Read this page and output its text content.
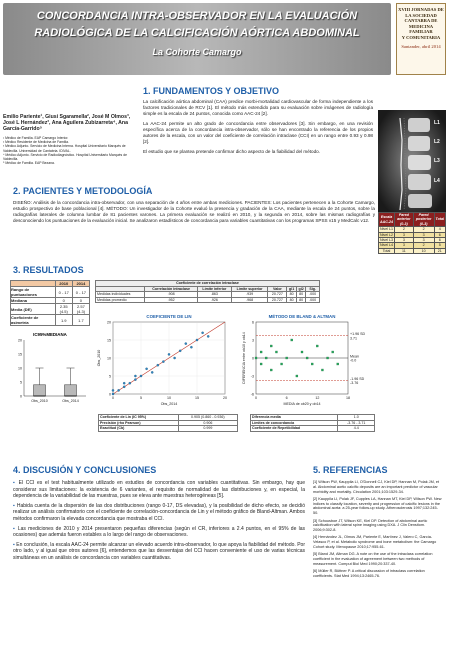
CONCORDANCIA INTRA-OBSERVADOR EN LA EVALUACIÓN
RADIOLÓGICA DE LA CALCIFICACIÓN AÓRTICA ABDOMINAL
La Cohorte Camargo
XVIII JORNADAS DE
LA SOCIEDAD
CANTABRA DE
MEDICINA FAMILIAR
Y COMUNITARIA
Santander, abril 2014
Emilio Pariente¹, Giusi Sgaramella², José M Olmos³, José L Hernández³, Ana Aguilera Zubizarreta⁴, Ana García-Garrido⁵
¹ Médico de Familia. EAP Camargo Interior.
² Médico Residente de Medicina de Familia.
³ Médico Adjunto. Servicio de Medicina Interna. Hospital Universitario Marqués de Valdecilla. Universidad de Cantabria. IDIVAL.
⁴ Médico Adjunto. Servicio de Radiodiagnóstico. Hospital Universitario Marqués de Valdecilla.
⁵ Médico de Familia. EAP Bezana.
1. FUNDAMENTOS Y OBJETIVO

La calcificación aórtica abdominal (CAA) predice morbi-mortalidad cardiovascular de forma independiente a los factores tradicionales de RCV [1]. El método más extendido para su evaluación sobre imágenes de radiología simple es la escala de 24 puntos, conocida como AAC-24 [2].

La AAC-24 permite un alto grado de concordancia entre observadores [3]. Sin embargo, en una revisión específica acerca de la concordancia intra-observador, sólo se han encontrado la referencia de los propios autores de la escala, con un valor del coeficiente de correlación intraclase (CCI) en un rango entre 0.93 y 0.98 [2].

El estudio que se plantea pretende confirmar dicho aspecto de la fiabilidad del método.

L1
L2
L3
L4
Escala AAC-24	Pared anterior (0-3)	Pared posterior (0-3)	Total
Nivel L1	2	2	4
Nivel L2	3	3	6
Nivel L3	3	3	6
Nivel L4	3	2	5
Total	11	10	21
2. PACIENTES Y METODOLOGÍA

DISEÑO: Análisis de la concordancia intra-observador, con una separación de 4 años entre ambas mediciones. PACIENTES: Los pacientes pertenecen a la Cohorte Camargo, estudio prospectivo de base poblacional [4]. MÉTODO: Un investigador de la Cohorte evaluó la presencia y gradación de la CAA, mediante la escala de 24 puntos, sobre la radiografías laterales de columna lumbar de 81 pacientes varones. La primera evaluación se realizó en 2010, y la segunda en 2014, sobre las mismas radiografías y desconociendo los puntuaciones de la evaluación inicial. Se analizaron estadísticos de concordancia para variables cuantitativas con los programas SPSS v15 y MedCalc v12.

3. RESULTADOS
	2010	2014
Rango de puntuaciones	0 - 17	0 - 17
Mediana	0	0
Media (DE)	2.35 (4.5)	2.57 (4.3)
Coeficiente de asimetría	1.9	1.7
IC95%MEDIANA
0
5
10
15
20
Obs_2010	Obs_2014
Coeficiente de correlación intraclase							
	Correlación intraclase	Límite inferior	Límite superior	Valor	gl1	gl2	Sig.
Medidas individuales	.908	.863	.939	20.727	80	80	.000
Medidas promedio	.952	.926	.968	20.727	80	80	.000
COEFICIENTE DE LIN
0	5	10	15	20
0
5
10
15
20
Obs_2014
Obs_2010
MÉTODO DE BLAND & ALTMAN
0	6	12	18
-6
-3
0
3
6
+1.96 SD
3.71
Mean
-0.0
-1.96 SD
-3.76
MEDIA de ob20 y ob14
DIFERENCIA entre ob10 y ob14
Coeficiente de Lin (IC 95%)	0.905 (0.860 - 0.936)
Precisión (rho Pearson)	0.906
Exactitud (Cb)	0.999
Diferencia media	1.0
Límites de concordancia	-3.76 - 3.71
Coeficiente de Repetibilidad	4.4
4. DISCUSIÓN Y CONCLUSIONES

▪ El CCI es el test habitualmente utilizado en estudios de concordancia con variables cuantitativas. Sin embargo, hay que considerar sus limitaciones: la existencia de 6 variantes, el requisito de normalidad de las distribuciones y, en especial, la dependencia de la variabilidad de las muestras, pues se eleva ante muestras heterogéneas [5].

▪ Habida cuenta de la dispersión de las dos distribuciones (rango 0-17, DS elevadas), y la posibilidad de dicho efecto, se decidió realizar un análisis confirmatorio con el coeficiente de correlación-concordancia de Lin y el método gráfico de Bland-Altman. Ambos métodos confirmaron la elevada concordancia que mostraba el CCI.

▪ Las mediciones de 2010 y 2014 presentaron pequeñas diferencias (según el CR, inferiores a 2.4 puntos, en el 95% de las ocasiones) que además fueron estables a lo largo del rango de observaciones.

▪ En conclusión, la escala AAC-24 permite alcanzar un elevado acuerdo intra-observador, lo que apoya la fiabilidad del método. Por otro lado, y al igual que otros autores [6], entendemos que las desventajas del CCI hacen conveniente el uso de varias técnicas simultáneas en un análisis de concordancia con variables cuantitativas.

5. REFERENCIAS

[1] Wilson PW, Kauppila LI, O'Donnell CJ, Kiel DP, Hannan M, Polak JM, et al. Abdominal aortic calcific deposits are an important predictor of vascular morbidity and mortality. Circulation 2001;103:1529-34.

[2] Kauppila LI, Polak JF, Cupples LA, Hannan MT, Kiel DP, Wilson PW. New indices to classify location, severity and progression of calcific lesions in the abdominal aorta: a 25-year follow-up study. Atherosclerosis 1997;132:245-50.

[3] Schousboe JT, Wilson KE, Kiel DP. Detection of abdominal aortic calcification with lateral spine imaging using DXA. J Clin Densitom. 2006;9:302-8.

[4] Hernández JL, Olmos JM, Pariente E, Martínez J, Valero C, García-Velasco P, et al. Metabolic syndrome and bone metabolism: the Camargo Cohort study. Menopause 2010;17:955-61.

[5] Bland JM, Altman DG. A note on the use of the intraclass correlation coefficient in the evaluation of agreement between two methods of measurement. Comput Biol Med 1990;20:337-40.

[6] Müller R, Büttner P. A critical discussion of intraclass correlation coefficients. Stat Med 1994;13:2465-76.
